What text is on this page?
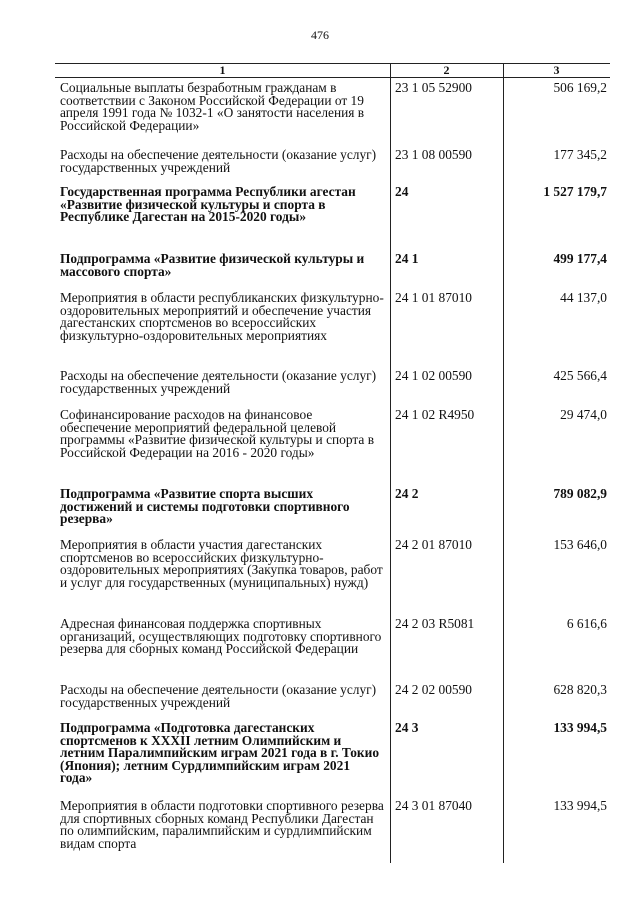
476
1	2	3
Социальные выплаты безработным гражданам в соответствии с Законом Российской Федерации от 19 апреля 1991 года № 1032-1 «О занятости населения в Российской Федерации»
23 1 05 52900	506 169,2
Расходы на обеспечение деятельности (оказание услуг) государственных учреждений
23 1 08 00590	177 345,2
Государственная программа Республики агестан «Развитие физической культуры и спорта в Республике Дагестан на 2015-2020 годы»
24	1 527 179,7
Подпрограмма «Развитие физической культуры и массового спорта»
24 1	499 177,4
Мероприятия в области республиканских физкультурно-оздоровительных мероприятий и обеспечение участия дагестанских спортсменов во всероссийских физкультурно-оздоровительных мероприятиях
24 1 01 87010	44 137,0
Расходы на обеспечение деятельности (оказание услуг) государственных учреждений
24 1 02 00590	425 566,4
Софинансирование расходов на финансовое обеспечение мероприятий федеральной целевой программы «Развитие физической культуры и спорта в Российской Федерации на 2016 - 2020 годы»
24 1 02 R4950	29 474,0
Подпрограмма «Развитие спорта высших достижений и системы подготовки спортивного резерва»
24 2	789 082,9
Мероприятия в области участия дагестанских спортсменов во всероссийских физкультурно-оздоровительных мероприятиях (Закупка товаров, работ и услуг для государственных (муниципальных) нужд)
24 2 01 87010	153 646,0
Адресная финансовая поддержка спортивных организаций, осуществляющих подготовку спортивного резерва для сборных команд Российской Федерации
24 2 03 R5081	6 616,6
Расходы на обеспечение деятельности (оказание услуг) государственных учреждений
24 2 02 00590	628 820,3
Подпрограмма «Подготовка дагестанских спортсменов к XXXII летним Олимпийским и летним Паралимпийским играм 2021 года в г. Токио (Япония); летним Сурдлимпийским играм 2021 года»
24 3	133 994,5
Мероприятия в области подготовки спортивного резерва для спортивных сборных команд Республики Дагестан по олимпийским, паралимпийским и сурдлимпийским видам спорта
24 3 01 87040	133 994,5
